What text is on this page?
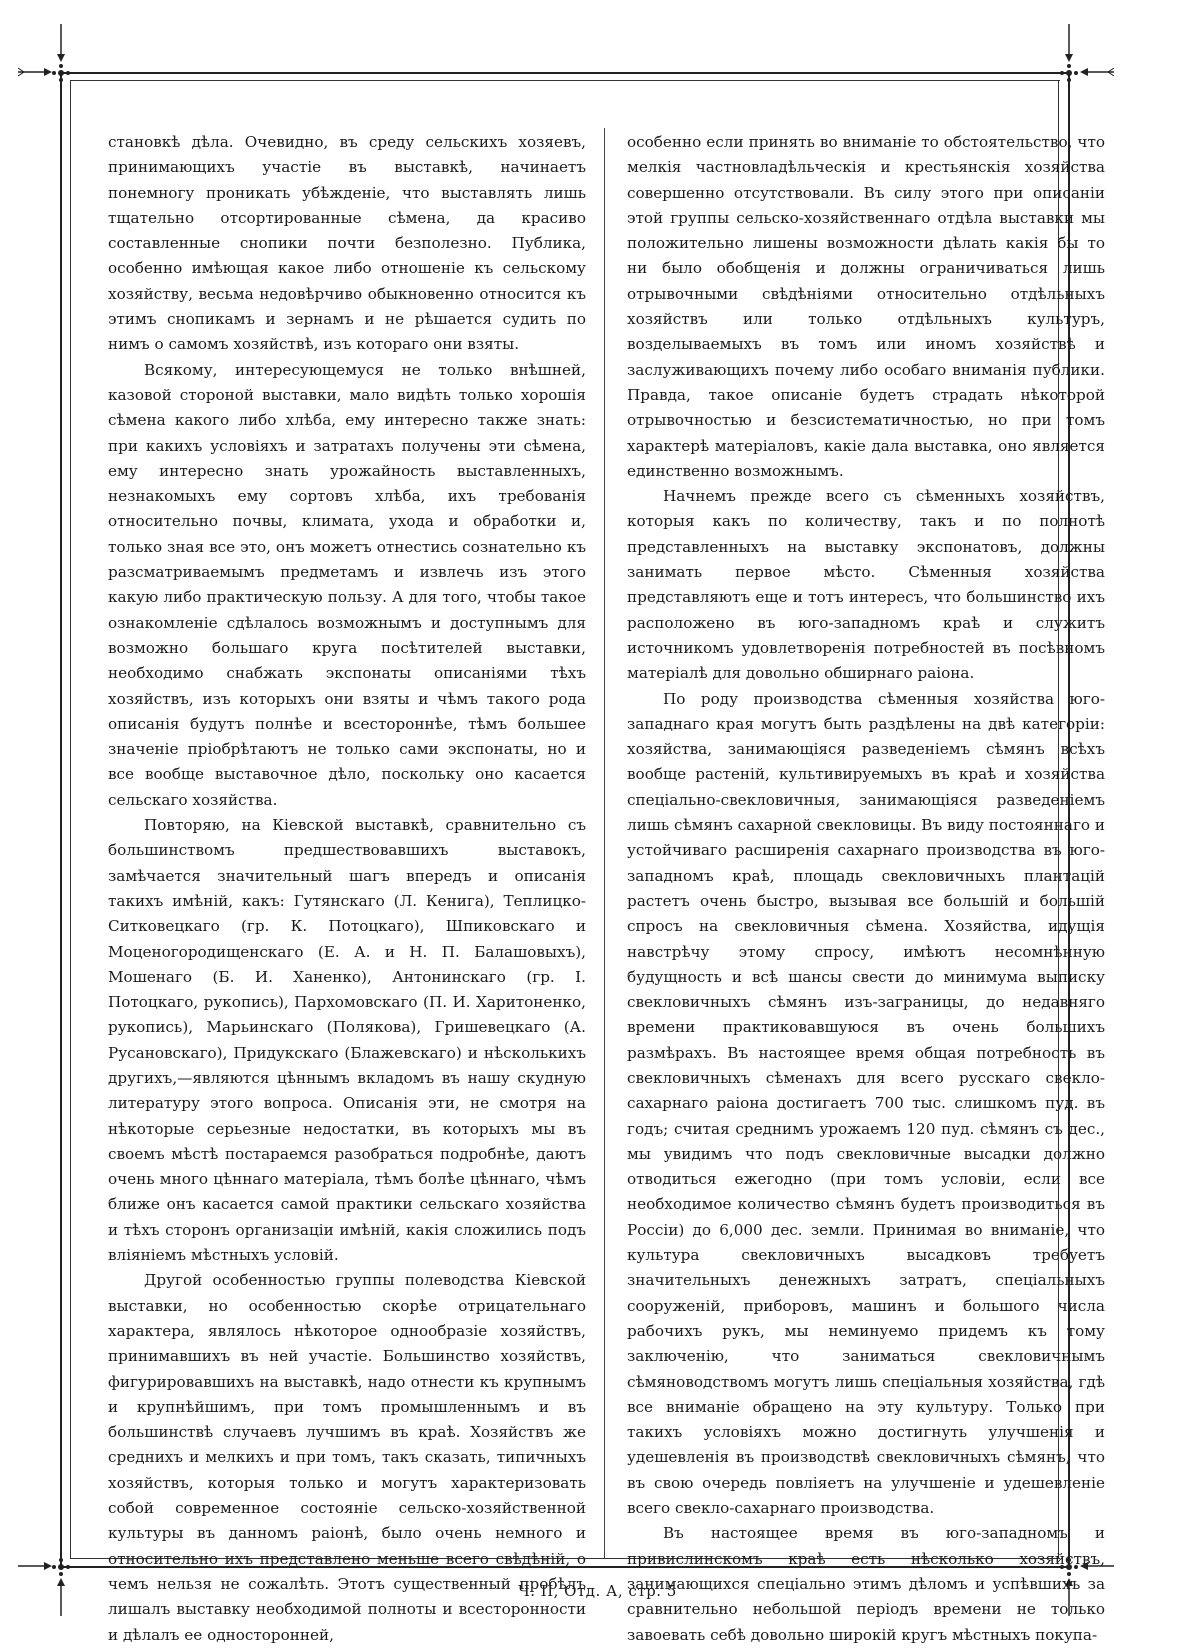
становкѣ дѣла. Очевидно, въ среду сельскихъ хозяевъ, принимающихъ участіе въ выставкѣ, начинаетъ понемногу проникать убѣжденіе, что выставлять лишь тщательно отсортированные сѣмена, да красиво составленные снопики почти безполезно. Публика, особенно имѣющая какое либо отношеніе къ сельскому хозяйству, весьма недовѣрчиво обыкновенно относится къ этимъ снопикамъ и зернамъ и не рѣшается судить по нимъ о самомъ хозяйствѣ, изъ котораго они взяты.

Всякому, интересующемуся не только внѣшней, казовой стороной выставки, мало видѣть только хорошія сѣмена какого либо хлѣба, ему интересно также знать: при какихъ условіяхъ и затратахъ получены эти сѣмена, ему интересно знать урожайность выставленныхъ, незнакомыхъ ему сортовъ хлѣба, ихъ требованія относительно почвы, климата, ухода и обработки и, только зная все это, онъ можетъ отнестись сознательно къ разсматриваемымъ предметамъ и извлечь изъ этого какую либо практическую пользу. А для того, чтобы такое ознакомленіе сдѣлалось возможнымъ и доступнымъ для возможно большаго круга посѣтителей выставки, необходимо снабжать экспонаты описаніями тѣхъ хозяйствъ, изъ которыхъ они взяты и чѣмъ такого рода описанія будутъ полнѣе и всестороннѣе, тѣмъ большее значеніе пріобрѣтаютъ не только сами экспонаты, но и все вообще выставочное дѣло, поскольку оно касается сельскаго хозяйства.

Повторяю, на Кіевской выставкѣ, сравнительно съ большинствомъ предшествовавшихъ выставокъ, замѣчается значительный шагъ впередъ и описанія такихъ имѣній, какъ: Гутянскаго (Л. Кенига), Теплицко-Ситковецкаго (гр. К. Потоцкаго), Шпиковскаго и Моценогородищенскаго (Е. А. и Н. П. Балашовыхъ), Мошенаго (Б. И. Ханенко), Антонинскаго (гр. І. Потоцкаго, рукопись), Пархомовскаго (П. И. Харитоненко, рукопись), Марьинскаго (Полякова), Гришевецкаго (А. Русановскаго), Придукскаго (Блажевскаго) и нѣсколькихъ другихъ,—являются цѣннымъ вкладомъ въ нашу скудную литературу этого вопроса. Описанія эти, не смотря на нѣкоторые серьезные недостатки, въ которыхъ мы въ своемъ мѣстѣ постараемся разобраться подробнѣе, даютъ очень много цѣннаго матеріала, тѣмъ болѣе цѣннаго, чѣмъ ближе онъ касается самой практики сельскаго хозяйства и тѣхъ сторонъ организаціи имѣній, какія сложились подъ вліяніемъ мѣстныхъ условій.

Другой особенностью группы полеводства Кіевской выставки, но особенностью скорѣе отрицательнаго характера, являлось нѣкоторое однообразіе хозяйствъ, принимавшихъ въ ней участіе. Большинство хозяйствъ, фигурировавшихъ на выставкѣ, надо отнести къ крупнымъ и крупнѣйшимъ, при томъ промышленнымъ и въ большинствѣ случаевъ лучшимъ въ краѣ. Хозяйствъ же среднихъ и мелкихъ и при томъ, такъ сказать, типичныхъ хозяйствъ, которыя только и могутъ характеризовать собой современное состояніе сельско-хозяйственной культуры въ данномъ раіонѣ, было очень немного и относительно ихъ представлено меньше всего свѣдѣній, о чемъ нельзя не сожалѣть. Этотъ существенный пробѣлъ лишалъ выставку необходимой полноты и всесторонности и дѣлалъ ее односторонней,

особенно если принять во вниманіе то обстоятельство, что мелкія частновладѣльческія и крестьянскія хозяйства совершенно отсутствовали. Въ силу этого при описаніи этой группы сельско-хозяйственнаго отдѣла выставки мы положительно лишены возможности дѣлать какія бы то ни было обобщенія и должны ограничиваться лишь отрывочными свѣдѣніями относительно отдѣльныхъ хозяйствъ или только отдѣльныхъ культуръ, возделываемыхъ въ томъ или иномъ хозяйствѣ и заслуживающихъ почему либо особаго вниманія публики. Правда, такое описаніе будетъ страдать нѣкоторой отрывочностью и безсистематичностью, но при томъ характерѣ матеріаловъ, какіе дала выставка, оно является единственно возможнымъ.

Начнемъ прежде всего съ сѣменныхъ хозяйствъ, которыя какъ по количеству, такъ и по полнотѣ представленныхъ на выставку экспонатовъ, должны занимать первое мѣсто. Сѣменныя хозяйства представляютъ еще и тотъ интересъ, что большинство ихъ расположено въ юго-западномъ краѣ и служитъ источникомъ удовлетворенія потребностей въ посѣвномъ матеріалѣ для довольно обширнаго раіона.

По роду производства сѣменныя хозяйства юго-западнаго края могутъ быть раздѣлены на двѣ категоріи: хозяйства, занимающіяся разведеніемъ сѣмянъ всѣхъ вообще растеній, культивируемыхъ въ краѣ и хозяйства спеціально-свекловичныя, занимающіяся разведеніемъ лишь сѣмянъ сахарной свекловицы. Въ виду постояннаго и устойчиваго расширенія сахарнаго производства въ юго-западномъ краѣ, площадь свекловичныхъ плантацій растетъ очень быстро, вызывая все большій и большій спросъ на свекловичныя сѣмена. Хозяйства, идущія навстрѣчу этому спросу, имѣютъ несомнѣнную будущность и всѣ шансы свести до минимума выписку свекловичныхъ сѣмянъ изъ-заграницы, до недавняго времени практиковавшуюся въ очень большихъ размѣрахъ. Въ настоящее время общая потребность въ свекловичныхъ сѣменахъ для всего русскаго свекло-сахарнаго раіона достигаетъ 700 тыс. слишкомъ пуд. въ годъ; считая среднимъ урожаемъ 120 пуд. сѣмянъ съ дес., мы увидимъ что подъ свекловичные высадки должно отводиться ежегодно (при томъ условіи, если все необходимое количество сѣмянъ будетъ производиться въ Россіи) до 6,000 дес. земли. Принимая во вниманіе, что культура свекловичныхъ высадковъ требуетъ значительныхъ денежныхъ затратъ, спеціальныхъ сооруженій, приборовъ, машинъ и большого числа рабочихъ рукъ, мы неминуемо придемъ къ тому заключенію, что заниматься свекловичнымъ сѣмяноводствомъ могутъ лишь спеціальныя хозяйства, гдѣ все вниманіе обращено на эту культуру. Только при такихъ условіяхъ можно достигнуть улучшенія и удешевленія въ производствѣ свекловичныхъ сѣмянъ, что въ свою очередь повліяетъ на улучшеніе и удешевленіе всего свекло-сахарнаго производства.

Въ настоящее время въ юго-западномъ и привислинскомъ краѣ есть нѣсколько хозяйствъ, занимающихся спеціально этимъ дѣломъ и успѣвшихъ за сравнительно небольшой періодъ времени не только завоевать себѣ довольно широкій кругъ мѣстныхъ покупа-

Ч. II, Отд. А, стр. 5
